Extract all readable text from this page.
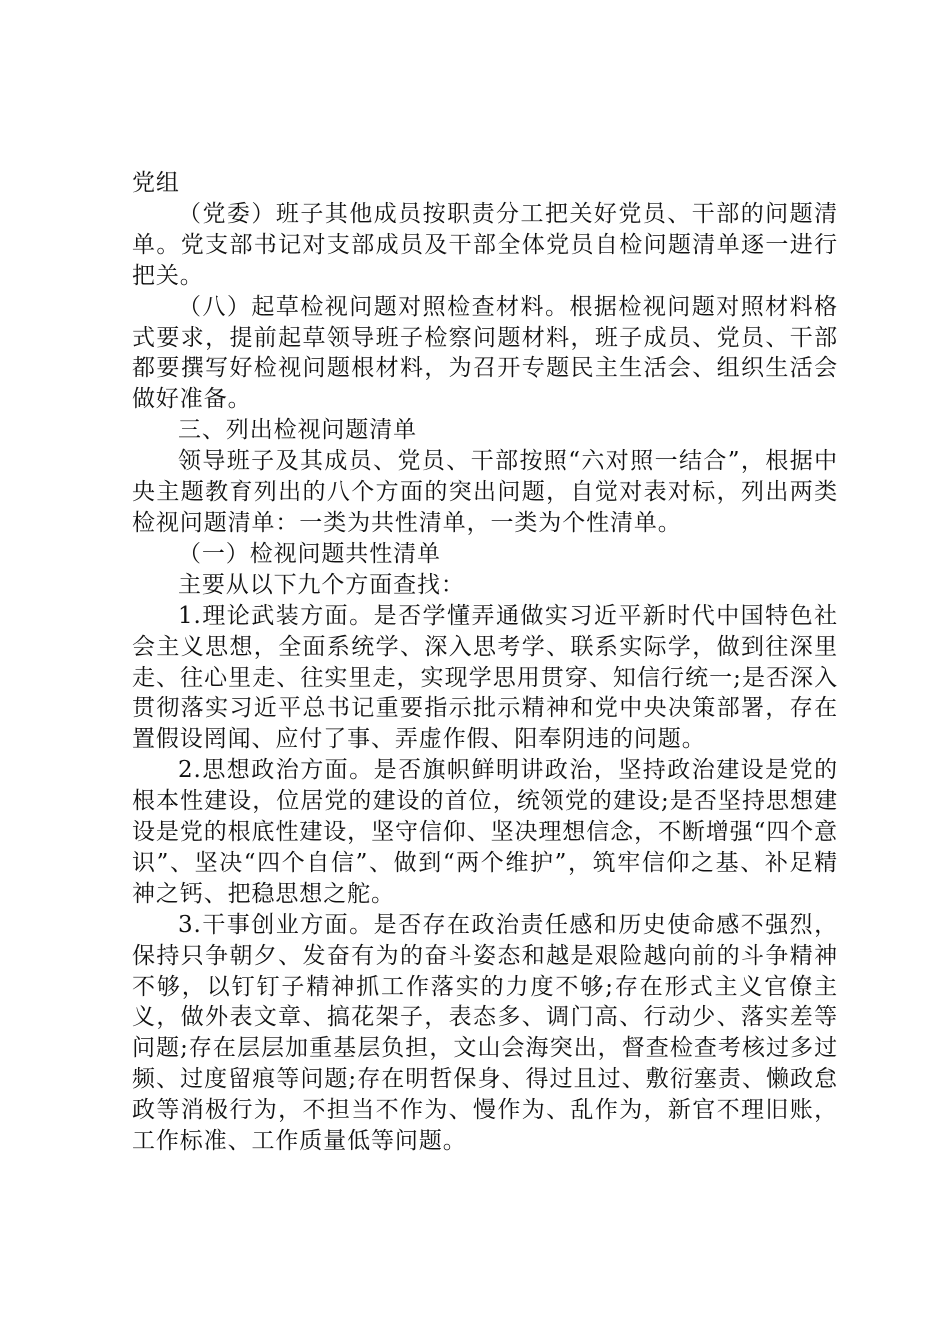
党组

（党委）班子其他成员按职责分工把关好党员、干部的问题清单。党支部书记对支部成员及干部全体党员自检问题清单逐一进行把关。

（八）起草检视问题对照检查材料。根据检视问题对照材料格式要求，提前起草领导班子检察问题材料，班子成员、党员、干部都要撰写好检视问题根材料，为召开专题民主生活会、组织生活会做好准备。

三、列出检视问题清单

领导班子及其成员、党员、干部按照“六对照一结合”，根据中央主题教育列出的八个方面的突出问题，自觉对表对标，列出两类检视问题清单：一类为共性清单，一类为个性清单。

（一）检视问题共性清单

主要从以下九个方面查找：

1.理论武装方面。是否学懂弄通做实习近平新时代中国特色社会主义思想，全面系统学、深入思考学、联系实际学，做到往深里走、往心里走、往实里走，实现学思用贯穿、知信行统一;是否深入贯彻落实习近平总书记重要指示批示精神和党中央决策部署，存在置假设罔闻、应付了事、弄虚作假、阳奉阴违的问题。

2.思想政治方面。是否旗帜鲜明讲政治，坚持政治建设是党的根本性建设，位居党的建设的首位，统领党的建设;是否坚持思想建设是党的根底性建设，坚守信仰、坚决理想信念，不断增强“四个意识”、坚决“四个自信”、做到“两个维护”，筑牢信仰之基、补足精神之钙、把稳思想之舵。

3.干事创业方面。是否存在政治责任感和历史使命感不强烈，保持只争朝夕、发奋有为的奋斗姿态和越是艰险越向前的斗争精神不够，以钉钉子精神抓工作落实的力度不够;存在形式主义官僚主义，做外表文章、搞花架子，表态多、调门高、行动少、落实差等问题;存在层层加重基层负担，文山会海突出，督查检查考核过多过频、过度留痕等问题;存在明哲保身、得过且过、敷衍塞责、懒政怠政等消极行为，不担当不作为、慢作为、乱作为，新官不理旧账，工作标准、工作质量低等问题。
